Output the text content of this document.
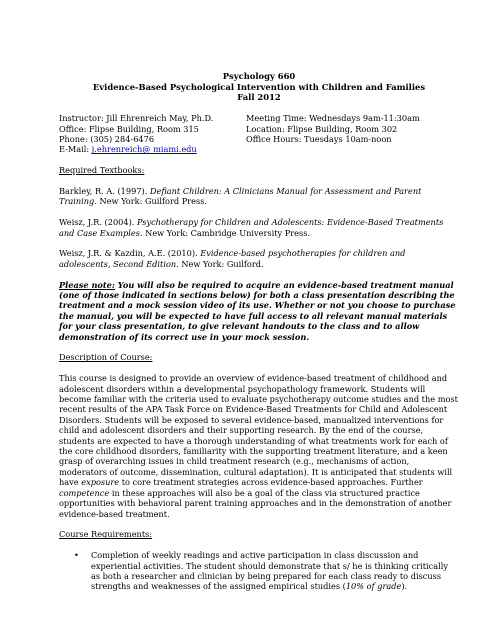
Psychology 660
Evidence-Based Psychological Intervention with Children and Families
Fall 2012
Instructor: Jill Ehrenreich May, Ph.D.
Office: Flipse Building, Room 315
Phone: (305) 284-6476
E-Mail: j.ehrenreich@ miami.edu
Meeting Time: Wednesdays 9am-11:30am
Location: Flipse Building, Room 302
Office Hours: Tuesdays 10am-noon
Required Textbooks:
Barkley, R. A. (1997). Defiant Children: A Clinicians Manual for Assessment and Parent Training. New York: Guilford Press.
Weisz, J.R. (2004). Psychotherapy for Children and Adolescents: Evidence-Based Treatments and Case Examples. New York: Cambridge University Press.
Weisz, J.R. & Kazdin, A.E. (2010). Evidence-based psychotherapies for children and adolescents, Second Edition. New York: Guilford.
Please note: You will also be required to acquire an evidence-based treatment manual (one of those indicated in sections below) for both a class presentation describing the treatment and a mock session video of its use. Whether or not you choose to purchase the manual, you will be expected to have full access to all relevant manual materials for your class presentation, to give relevant handouts to the class and to allow demonstration of its correct use in your mock session.
Description of Course:
This course is designed to provide an overview of evidence-based treatment of childhood and adolescent disorders within a developmental psychopathology framework. Students will become familiar with the criteria used to evaluate psychotherapy outcome studies and the most recent results of the APA Task Force on Evidence-Based Treatments for Child and Adolescent Disorders. Students will be exposed to several evidence-based, manualized interventions for child and adolescent disorders and their supporting research. By the end of the course, students are expected to have a thorough understanding of what treatments work for each of the core childhood disorders, familiarity with the supporting treatment literature, and a keen grasp of overarching issues in child treatment research (e.g., mechanisms of action, moderators of outcome, dissemination, cultural adaptation). It is anticipated that students will have exposure to core treatment strategies across evidence-based approaches. Further competence in these approaches will also be a goal of the class via structured practice opportunities with behavioral parent training approaches and in the demonstration of another evidence-based treatment.
Course Requirements:
• Completion of weekly readings and active participation in class discussion and experiential activities. The student should demonstrate that s/ he is thinking critically as both a researcher and clinician by being prepared for each class ready to discuss strengths and weaknesses of the assigned empirical studies (10% of grade).
